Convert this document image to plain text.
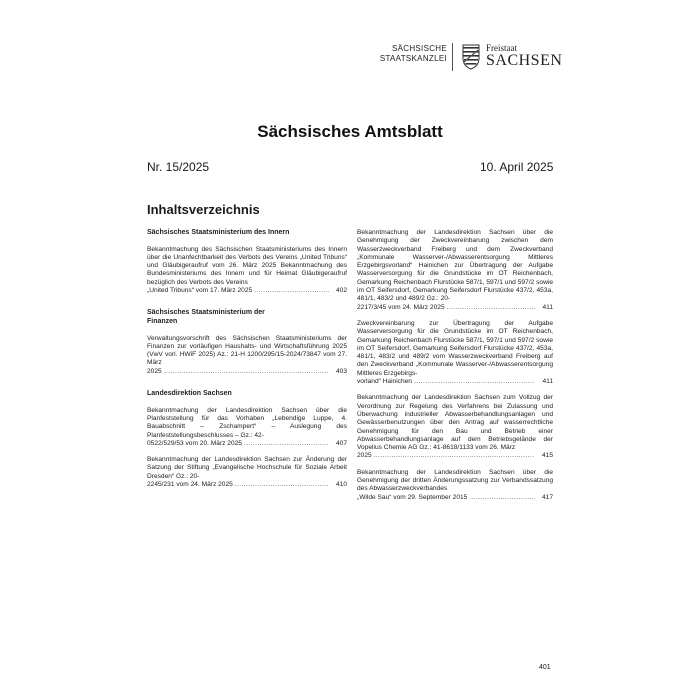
SÄCHSISCHE
STAATSKANZLEI
Freistaat
SACHSEN
Sächsisches Amtsblatt
Nr. 15/2025	10. April 2025
Inhaltsverzeichnis
Sächsisches Staatsministerium des Innern
Bekanntmachung des Sächsischen Staatsministeriums des Innern über die Unanfechtbarkeit des Verbots des Vereins „United Tribuns“ und Gläubigeraufruf vom 26. März 2025 Bekanntmachung des Bundesministeriums des Innern und für Heimat Gläubigeraufruf bezüglich des Verbots des Vereins
„United Tribuns“ vom 17. März 2025 .....	402
Sächsisches Staatsministerium der Finanzen
Verwaltungsvorschrift des Sächsischen Staatsministeriums der Finanzen zur vorläufigen Haushalts- und Wirtschaftsführung 2025 (VwV vorl. HWiF 2025) Az.: 21-H 1200/295/15-2024/73847 vom 27. März
2025 .....	403
Landesdirektion Sachsen
Bekanntmachung der Landesdirektion Sachsen über die Planfeststellung für das Vorhaben „Lebendige Luppe, 4. Bauabschnitt – Zschampert“ – Auslegung des Planfeststellungsbeschlusses – Gz.: 42-
0522/529/53 vom 20. März 2025 .....	407
Bekanntmachung der Landesdirektion Sachsen zur Änderung der Satzung der Stiftung „Evangelische Hochschule für Soziale Arbeit Dresden“ Gz.: 20-
2245/231 vom 24. März 2025 .....	410
Bekanntmachung der Landesdirektion Sachsen über die Genehmigung der Zweckvereinbarung zwischen dem Wasserzweckverband Freiberg und dem Zweckverband „Kommunale Wasserver-/Abwasserentsorgung Mittleres Erzgebirgsvorland“ Hainichen zur Übertragung der Aufgabe Wasserversorgung für die Grundstücke im OT Reichenbach, Gemarkung Reichenbach Flurstücke 587/1, 597/1 und 597/2 sowie im OT Seifersdorf, Gemarkung Seifersdorf Flurstücke 437/2, 453a, 481/1, 483/2 und 489/2 Gz.: 20-
2217/3/45 vom 24. März 2025 .....	411
Zweckvereinbarung zur Übertragung der Aufgabe Wasserversorgung für die Grundstücke im OT Reichenbach, Gemarkung Reichenbach Flurstücke 587/1, 597/1 und 597/2 sowie im OT Seifersdorf, Gemarkung Seifersdorf Flurstücke 437/2, 453a, 481/1, 483/2 und 489/2 vom Wasserzweckverband Freiberg auf den Zweckverband „Kommunale Wasserver-/Abwasserentsorgung Mittleres Erzgebirgs-
vorland“ Hainichen .....	411
Bekanntmachung der Landesdirektion Sachsen zum Vollzug der Verordnung zur Regelung des Verfahrens bei Zulassung und Überwachung industrieller Abwasserbehandlungsanlagen und Gewässerbenutzungen über den Antrag auf wasserrechtliche Genehmigung für den Bau und Betrieb einer Abwasserbehandlungsanlage auf dem Betriebsgelände der Vopelius Chemie AG Gz.: 41-8618/1133 vom 26. März
2025 .....	415
Bekanntmachung der Landesdirektion Sachsen über die Genehmigung der dritten Änderungssatzung zur Verbandssatzung des Abwasserzweckverbandes
„Wilde Sau“ vom 29. September 2015 .....	417
401
